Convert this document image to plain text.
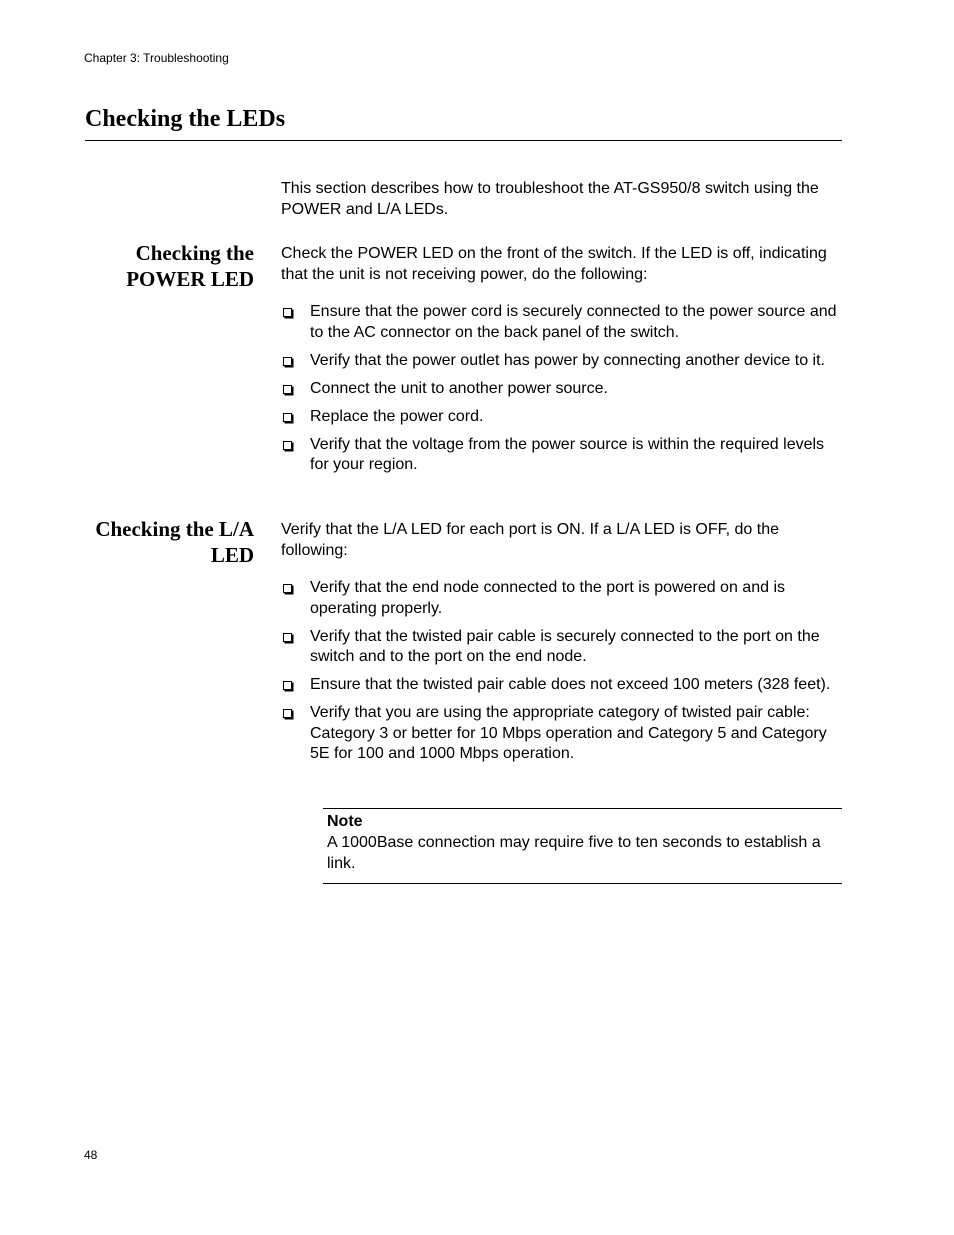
Chapter 3: Troubleshooting
Checking the LEDs

This section describes how to troubleshoot the AT-GS950/8 switch using the POWER and L/A LEDs.

Checking the
POWER LED

Check the POWER LED on the front of the switch. If the LED is off, indicating that the unit is not receiving power, do the following:

Ensure that the power cord is securely connected to the power source and to the AC connector on the back panel of the switch.
Verify that the power outlet has power by connecting another device to it.
Connect the unit to another power source.
Replace the power cord.
Verify that the voltage from the power source is within the required levels for your region.
Checking the L/A
LED

Verify that the L/A LED for each port is ON. If a L/A LED is OFF, do the following:

Verify that the end node connected to the port is powered on and is operating properly.
Verify that the twisted pair cable is securely connected to the port on the switch and to the port on the end node.
Ensure that the twisted pair cable does not exceed 100 meters (328 feet).
Verify that you are using the appropriate category of twisted pair cable: Category 3 or better for 10 Mbps operation and Category 5 and Category 5E for 100 and 1000 Mbps operation.
Note

A 1000Base connection may require five to ten seconds to establish a link.

48
